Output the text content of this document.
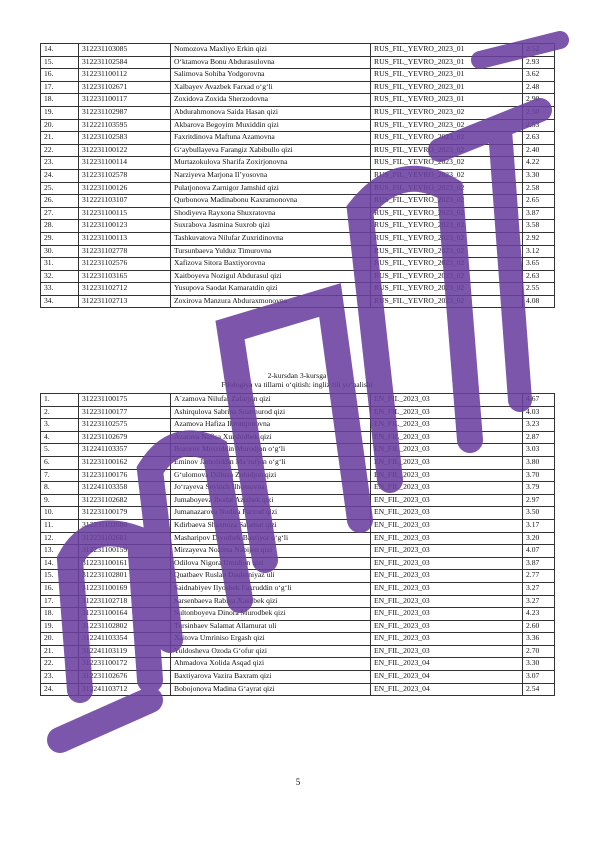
14.	312231103085	Nomozova Maxliyo Erkin qizi	RUS_FIL_YEVRO_2023_01	2.52
15.	312231102584	O‘ktamova Bonu Abdurasulovna	RUS_FIL_YEVRO_2023_01	2.93
16.	312231100112	Salimova Sohiba Yodgorovna	RUS_FIL_YEVRO_2023_01	3.62
17.	312231102671	Xalbayev Avazbek Farxad o‘g‘li	RUS_FIL_YEVRO_2023_01	2.48
18.	312231100117	Zoxidova Zoxida Sherzodovna	RUS_FIL_YEVRO_2023_01	2.90
19.	312231102987	Abdurahmonova Saida Hasan qizi	RUS_FIL_YEVRO_2023_02	2.50
20.	312221103595	Akbarova Begoyim Muxiddin qizi	RUS_FIL_YEVRO_2023_02	2.53
21.	312231102583	Faxritdinova Maftuna Azamovna	RUS_FIL_YEVRO_2023_02	2.63
22.	312231100122	G‘aybullayeva Farangiz Xabibullo qizi	RUS_FIL_YEVRO_2023_02	2.40
23.	312231100114	Murtazokulova Sharifa Zoxirjonovna	RUS_FIL_YEVRO_2023_02	4.22
24.	312231102578	Narziyeva Marjona Il’yosovna	RUS_FIL_YEVRO_2023_02	3.30
25.	312231100126	Pulatjonova Zarnigor Jamshid qizi	RUS_FIL_YEVRO_2023_02	2.58
26.	312221103107	Qurbonova Madinabonu Kaxramonovna	RUS_FIL_YEVRO_2023_02	2.65
27.	312231100115	Shodiyeva Rayxona Shuxratovna	RUS_FIL_YEVRO_2023_02	3.87
28.	312231100123	Suxrabova Jasmina Suxrob qizi	RUS_FIL_YEVRO_2023_02	3.58
29.	312231100113	Tashkuvatova Nilufar Zuxridinovna	RUS_FIL_YEVRO_2023_02	2.92
30.	312231102778	Tursunbaeva Yulduz Timurovna	RUS_FIL_YEVRO_2023_02	3.12
31.	312231102576	Xafizova Sitora Baxtiyorovna	RUS_FIL_YEVRO_2023_02	3.65
32.	312231103165	Xaitboyeva Nozigul Abdurasul qizi	RUS_FIL_YEVRO_2023_02	2.63
33.	312231102712	Yusupova Saodat Kamaratdin qizi	RUS_FIL_YEVRO_2023_02	2.55
34.	312231102713	Zoxirova Manzura Abduraxmonovna	RUS_FIL_YEVRO_2023_02	4.08
2-kursdan 3-kursga
Filologiya va tillarni o‘qitish: ingliz tili yo‘nalishi
1.	312231100175	A`zamova Nilufar Zafarjon qizi	EN_FIL_2023_03	4.67
2.	312231100177	Ashirqulova Sabrina Soatmurod qizi	EN_FIL_2023_03	4.03
3.	312231102575	Azamova Hafiza Ikromjonovna	EN_FIL_2023_03	3.23
4.	312231102679	Azatova Nafisa Xurshidbek qizi	EN_FIL_2023_03	2.87
5.	312241103357	Bozorov Mexriddin Murodjon o‘g‘li	EN_FIL_2023_03	3.03
6.	312231100162	Eminov Jamoliddin Ma’rufjon o‘g‘li	EN_FIL_2023_03	3.80
7.	312231100176	G‘ulomova Dilfuza Zohidjon qizi	EN_FIL_2023_03	3.70
8.	312241103358	Jo‘rayeva Sevinch Ilhomovna	EN_FIL_2023_03	3.79
9.	312231102682	Jumaboyeva Ibodat Azizbek qizi	EN_FIL_2023_03	2.97
10.	312231100179	Jumanazarova Nodira Farxod qizi	EN_FIL_2023_03	3.50
11.	312231102680	Kdirbaeva Shaxnoza Salamat qizi	EN_FIL_2023_03	3.17
12.	312231102681	Masharipov Diyorbek Baxtiyor o‘g‘li	EN_FIL_2023_03	3.20
13.	312231100159	Mirzayeva Nozima Nabijon qizi	EN_FIL_2023_03	4.07
14.	312231100161	Odilova Nigora Umidjon qizi	EN_FIL_2023_03	3.87
15.	312231102801	Quatbaev Ruslan Dauletniyaz uli	EN_FIL_2023_03	2.77
16.	312231100169	Saidnabiyev Ilyosbek Faxruddin o‘g‘li	EN_FIL_2023_03	3.27
17.	312231102718	Sarsenbaeva Rabiya Xasilbek qizi	EN_FIL_2023_03	3.27
18.	312231100164	Sultonboyeva Dinora Murodbek qizi	EN_FIL_2023_03	4.23
19.	312231102802	Tursinbaev Salamat Allamurat uli	EN_FIL_2023_03	2.60
20.	312241103354	Xaitova Umriniso Ergash qizi	EN_FIL_2023_03	3.36
21.	312241103119	Yuldosheva Ozoda G‘ofur qizi	EN_FIL_2023_03	2.70
22.	312231100172	Ahmadova Xolida Asqad qizi	EN_FIL_2023_04	3.30
23.	312231102676	Baxtiyarova Vazira Baxram qizi	EN_FIL_2023_04	3.07
24.	312241103712	Bobojonova Madina G‘ayrat qizi	EN_FIL_2023_04	2.54
5
